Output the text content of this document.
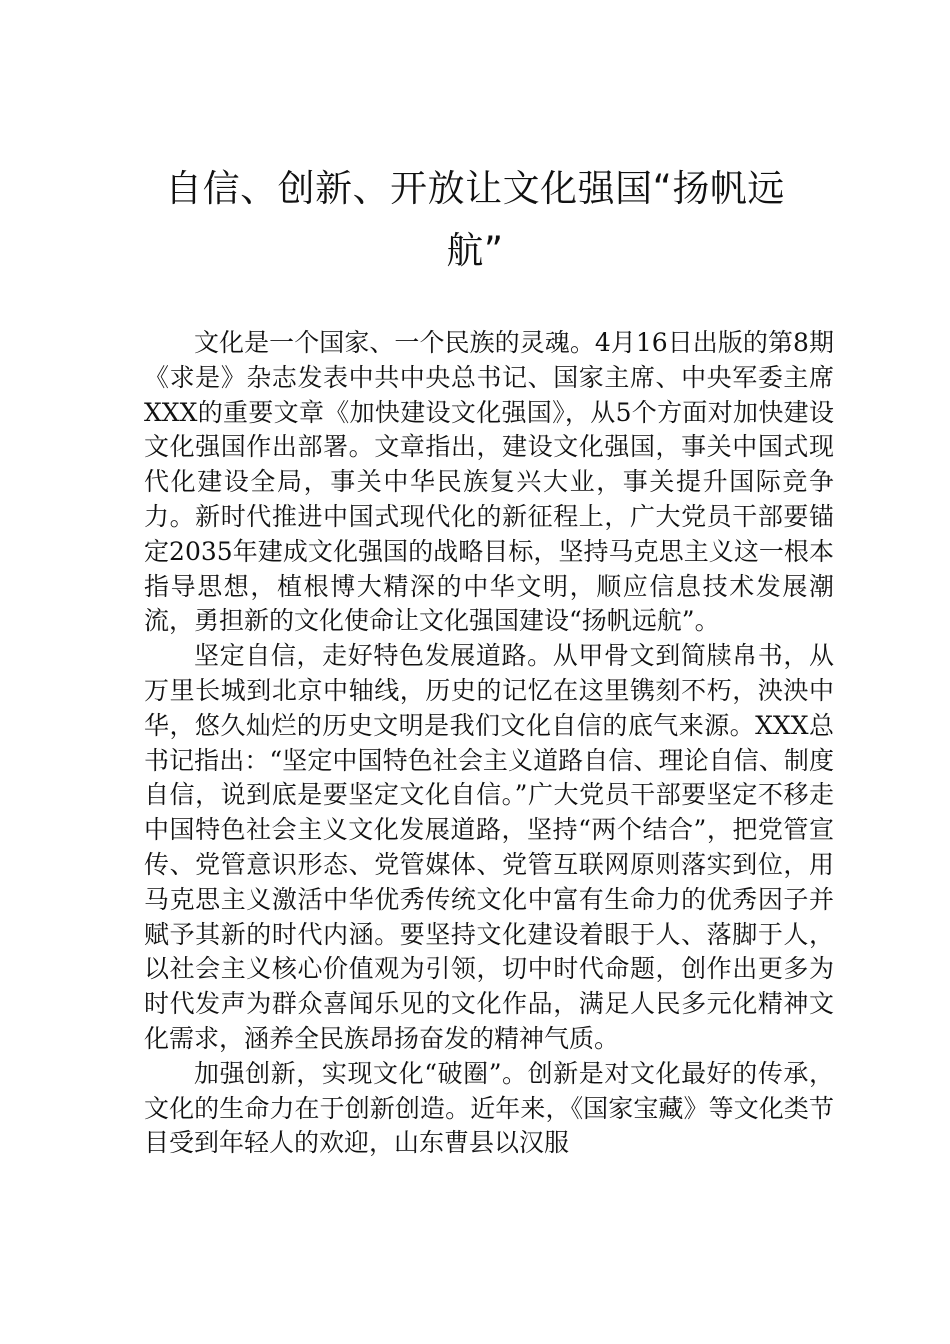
自信、创新、开放让文化强国“扬帆远航”

文化是一个国家、一个民族的灵魂。4月16日出版的第8期《求是》杂志发表中共中央总书记、国家主席、中央军委主席XXX的重要文章《加快建设文化强国》，从5个方面对加快建设文化强国作出部署。文章指出，建设文化强国，事关中国式现代化建设全局，事关中华民族复兴大业，事关提升国际竞争力。新时代推进中国式现代化的新征程上，广大党员干部要锚定2035年建成文化强国的战略目标，坚持马克思主义这一根本指导思想，植根博大精深的中华文明，顺应信息技术发展潮流，勇担新的文化使命让文化强国建设“扬帆远航”。

坚定自信，走好特色发展道路。从甲骨文到简牍帛书，从万里长城到北京中轴线，历史的记忆在这里镌刻不朽，泱泱中华，悠久灿烂的历史文明是我们文化自信的底气来源。XXX总书记指出：“坚定中国特色社会主义道路自信、理论自信、制度自信，说到底是要坚定文化自信。”广大党员干部要坚定不移走中国特色社会主义文化发展道路，坚持“两个结合”，把党管宣传、党管意识形态、党管媒体、党管互联网原则落实到位，用马克思主义激活中华优秀传统文化中富有生命力的优秀因子并赋予其新的时代内涵。要坚持文化建设着眼于人、落脚于人，以社会主义核心价值观为引领，切中时代命题，创作出更多为时代发声为群众喜闻乐见的文化作品，满足人民多元化精神文化需求，涵养全民族昂扬奋发的精神气质。

加强创新，实现文化“破圈”。创新是对文化最好的传承，文化的生命力在于创新创造。近年来，《国家宝藏》等文化类节目受到年轻人的欢迎，山东曹县以汉服
